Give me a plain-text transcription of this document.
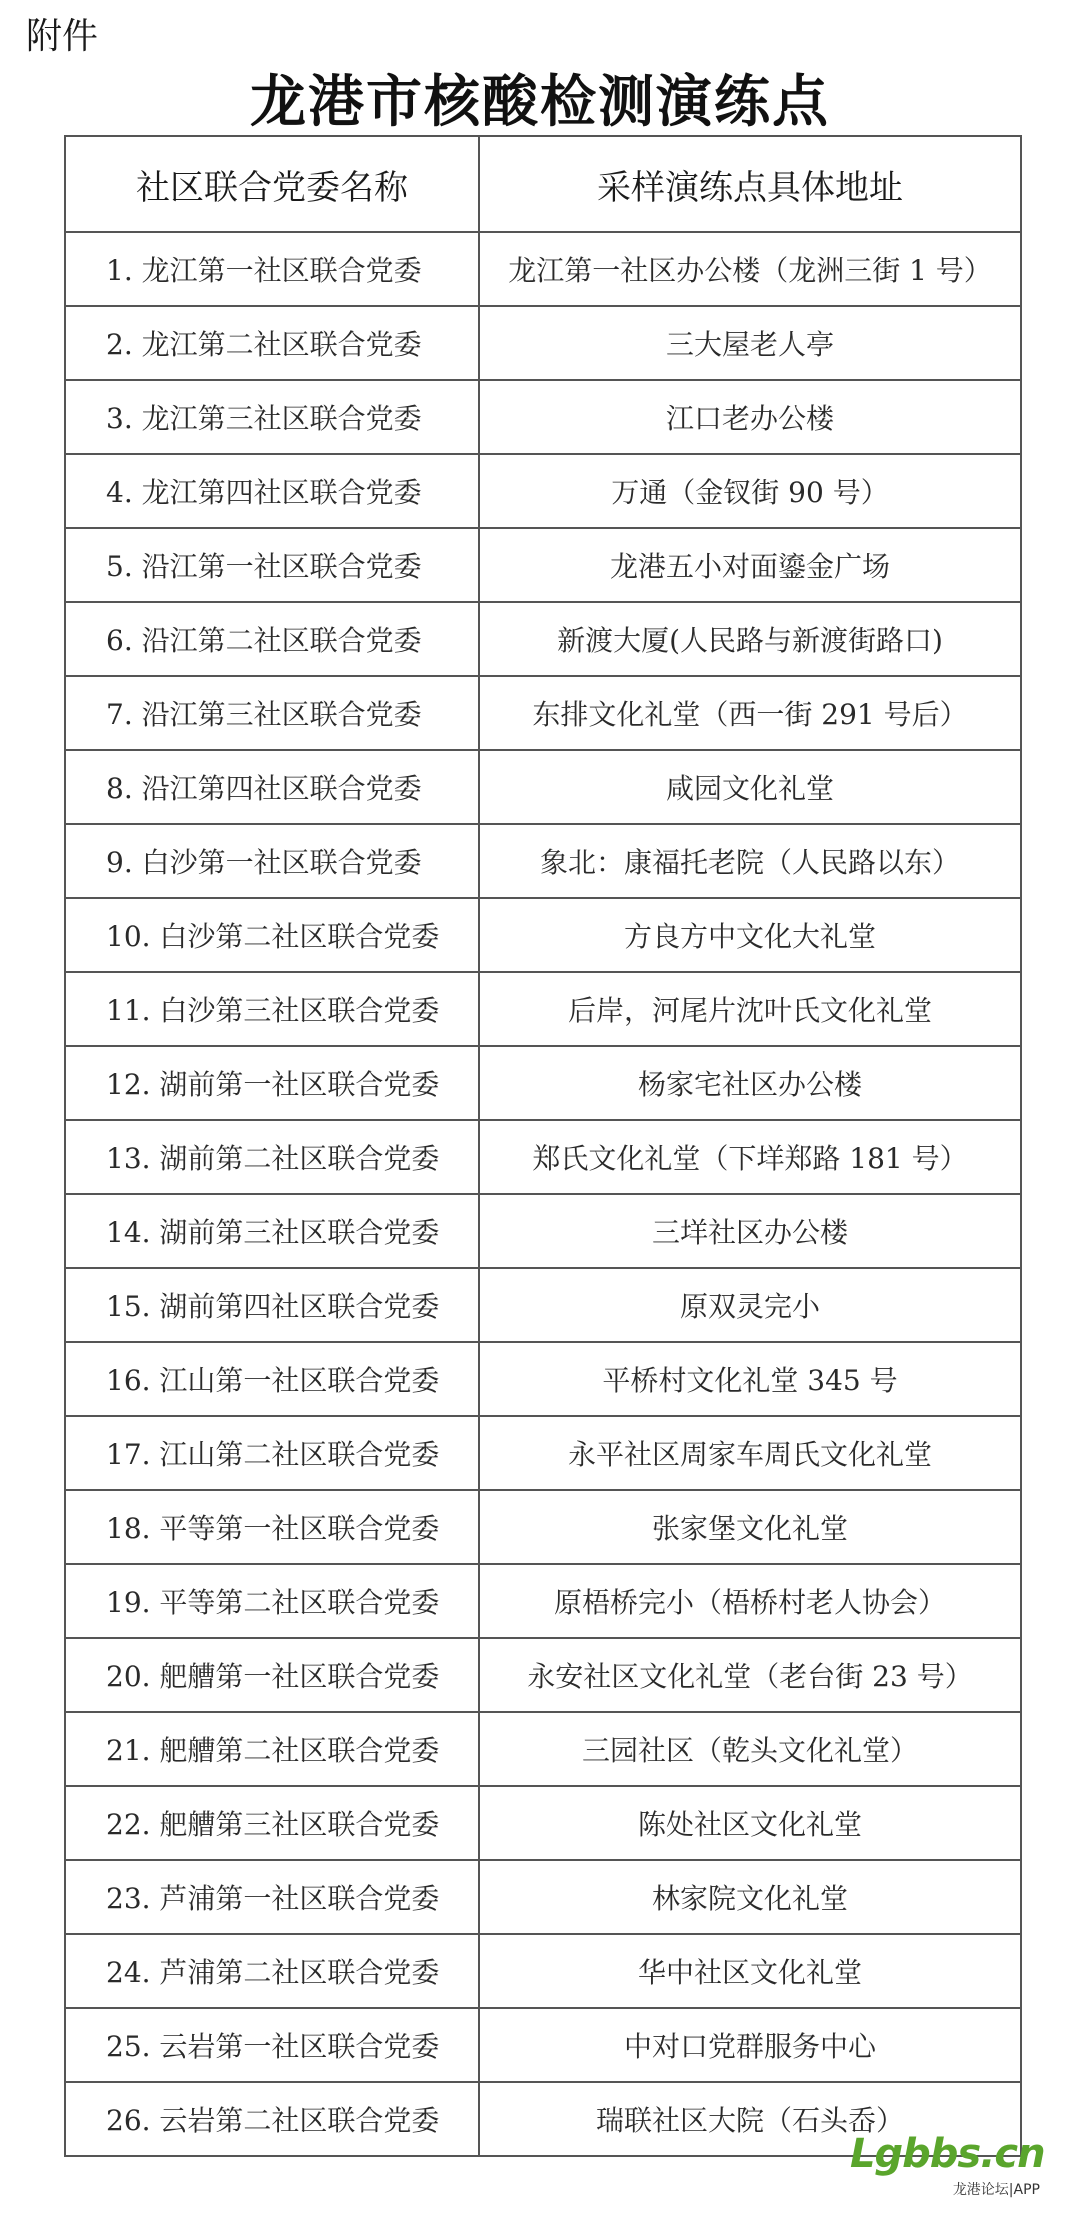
附件
龙港市核酸检测演练点
社区联合党委名称	采样演练点具体地址
1. 龙江第一社区联合党委	龙江第一社区办公楼（龙洲三街 1 号）
2. 龙江第二社区联合党委	三大屋老人亭
3. 龙江第三社区联合党委	江口老办公楼
4. 龙江第四社区联合党委	万通（金钗街 90 号）
5. 沿江第一社区联合党委	龙港五小对面鎏金广场
6. 沿江第二社区联合党委	新渡大厦(人民路与新渡街路口)
7. 沿江第三社区联合党委	东排文化礼堂（西一街 291 号后）
8. 沿江第四社区联合党委	咸园文化礼堂
9. 白沙第一社区联合党委	象北：康福托老院（人民路以东）
10. 白沙第二社区联合党委	方良方中文化大礼堂
11. 白沙第三社区联合党委	后岸，河尾片沈叶氏文化礼堂
12. 湖前第一社区联合党委	杨家宅社区办公楼
13. 湖前第二社区联合党委	郑氏文化礼堂（下垟郑路 181 号）
14. 湖前第三社区联合党委	三垟社区办公楼
15. 湖前第四社区联合党委	原双灵完小
16. 江山第一社区联合党委	平桥村文化礼堂 345 号
17. 江山第二社区联合党委	永平社区周家车周氏文化礼堂
18. 平等第一社区联合党委	张家堡文化礼堂
19. 平等第二社区联合党委	原梧桥完小（梧桥村老人协会）
20. 舥艚第一社区联合党委	永安社区文化礼堂（老台街 23 号）
21. 舥艚第二社区联合党委	三园社区（乾头文化礼堂）
22. 舥艚第三社区联合党委	陈处社区文化礼堂
23. 芦浦第一社区联合党委	林家院文化礼堂
24. 芦浦第二社区联合党委	华中社区文化礼堂
25. 云岩第一社区联合党委	中对口党群服务中心
26. 云岩第二社区联合党委	瑞联社区大院（石头岙）
Lgbbs.cn
龙港论坛|APP
